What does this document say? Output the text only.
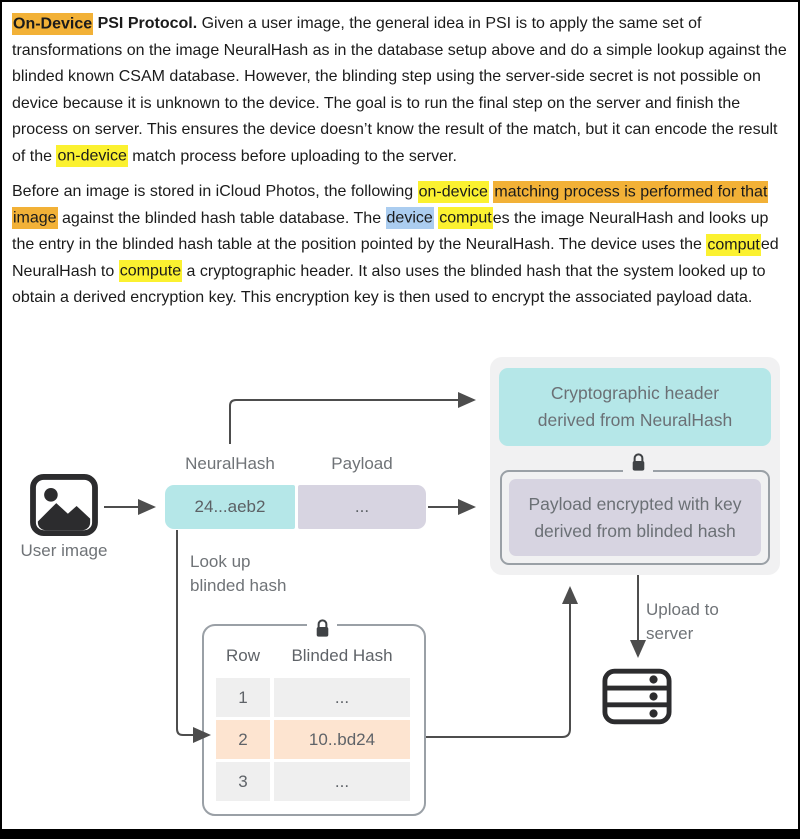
On-Device PSI Protocol. Given a user image, the general idea in PSI is to apply the same set of transformations on the image NeuralHash as in the database setup above and do a simple lookup against the blinded known CSAM database. However, the blinding step using the server-side secret is not possible on device because it is unknown to the device. The goal is to run the final step on the server and finish the process on server. This ensures the device doesn’t know the result of the match, but it can encode the result of the on-device match process before uploading to the server.

Before an image is stored in iCloud Photos, the following on-device matching process is performed for that image against the blinded hash table database. The device computes the image NeuralHash and looks up the entry in the blinded hash table at the position pointed by the NeuralHash. The device uses the computed NeuralHash to compute a cryptographic header. It also uses the blinded hash that the system looked up to obtain a derived encryption key. This encryption key is then used to encrypt the associated payload data.

User image
NeuralHash	Payload
24...aeb2	...
Look up
blinded hash
Cryptographic header
derived from NeuralHash
Payload encrypted with key
derived from blinded hash
Row	Blinded Hash
1	...
2	10..bd24
3	...
Upload to
server
